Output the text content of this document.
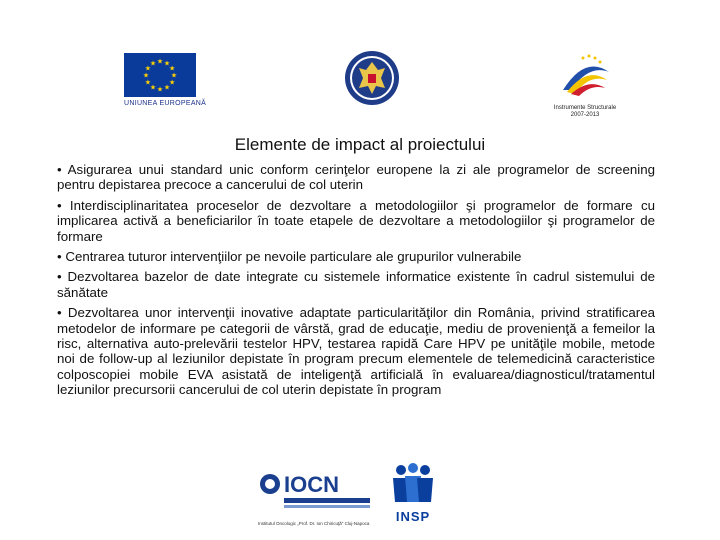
★ ★
★
★
★
★
★
★
★
★
★
★
UNIUNEA EUROPEANĂ
Instrumente Structurale
2007-2013
Elemente de impact al proiectului

• Asigurarea unui standard unic conform cerinţelor europene la zi ale programelor de screening pentru depistarea precoce a cancerului de col uterin

• Interdisciplinaritatea proceselor de dezvoltare a metodologiilor şi programelor de formare cu implicarea activă a beneficiarilor în toate etapele de dezvoltare a metodologiilor şi programelor de formare

• Centrarea tuturor intervenţiilor pe nevoile particulare ale grupurilor vulnerabile

• Dezvoltarea bazelor de date integrate cu sistemele informatice existente în cadrul sistemului de sănătate

• Dezvoltarea unor intervenţii inovative adaptate particularităţilor din România, privind stratificarea metodelor de informare pe categorii de vârstă, grad de educaţie, mediu de provenienţă a femeilor la risc, alternativa auto-prelevării testelor HPV, testarea rapidă Care HPV pe unităţile mobile, metode noi de follow-up al leziunilor depistate în program precum elementele de telemedicină caracteristice colposcopiei mobile EVA asistată de inteligenţă artificială în evaluarea/diagnosticul/tratamentul leziunilor precursorii cancerului de col uterin depistate în program

IOCN
Institutul Oncologic „Prof. Dr. Ion Chiricuţă" Cluj-Napoca	INSP
